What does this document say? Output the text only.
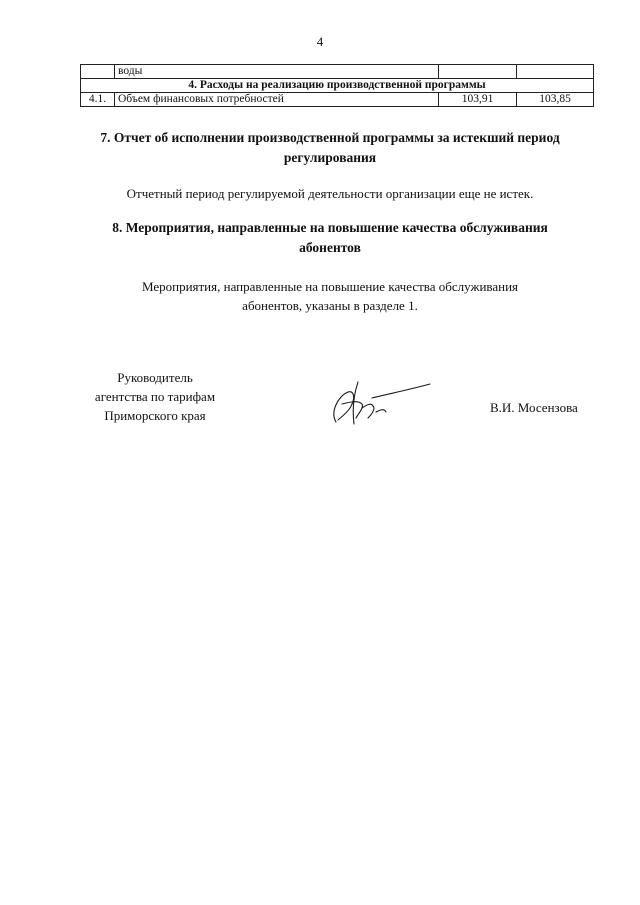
4
	воды		
4. Расходы на реализацию производственной программы			
4.1.	Объем финансовых потребностей	103,91	103,85
7. Отчет об исполнении производственной программы за истекший период
регулирования
Отчетный период регулируемой деятельности организации еще не истек.
8. Мероприятия, направленные на повышение качества обслуживания
абонентов
Мероприятия, направленные на повышение качества обслуживания
абонентов, указаны в разделе 1.
Руководитель
агентства по тарифам
Приморского края
В.И. Мосензова
